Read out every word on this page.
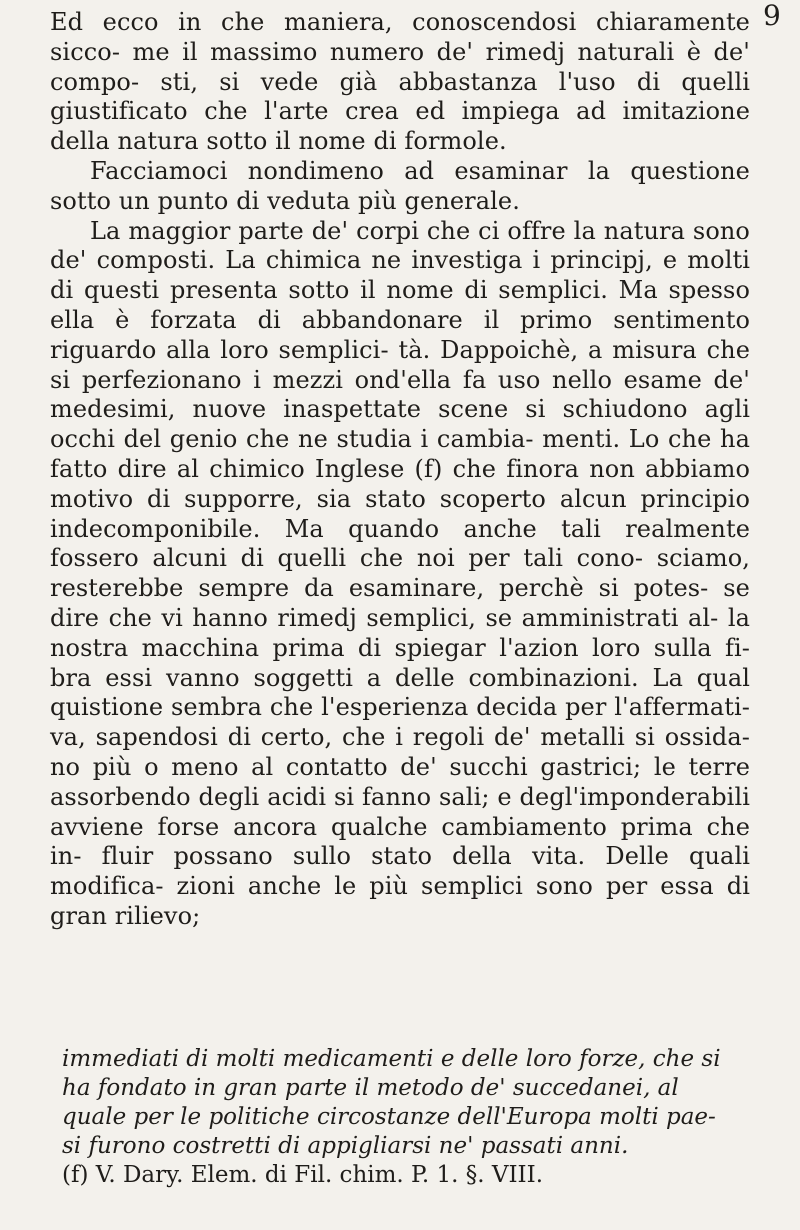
9

Ed ecco in che maniera, conoscendosi chiaramente sicco- me il massimo numero de' rimedj naturali è de' compo- sti, si vede già abbastanza l'uso di quelli giustificato che l'arte crea ed impiega ad imitazione della natura sotto il nome di formole.

Facciamoci nondimeno ad esaminar la questione sotto un punto di veduta più generale.

La maggior parte de' corpi che ci offre la natura sono de' composti. La chimica ne investiga i principj, e molti di questi presenta sotto il nome di semplici. Ma spesso ella è forzata di abbandonare il primo sentimento riguardo alla loro semplici- tà. Dappoichè, a misura che si perfezionano i mezzi ond'ella fa uso nello esame de' medesimi, nuove inaspettate scene si schiudono agli occhi del genio che ne studia i cambia- menti. Lo che ha fatto dire al chimico Inglese (f) che finora non abbiamo motivo di supporre, sia stato scoperto alcun principio indecomponibile. Ma quando anche tali realmente fossero alcuni di quelli che noi per tali cono- sciamo, resterebbe sempre da esaminare, perchè si potes- se dire che vi hanno rimedj semplici, se amministrati al- la nostra macchina prima di spiegar l'azion loro sulla fi- bra essi vanno soggetti a delle combinazioni. La qual quistione sembra che l'esperienza decida per l'affermati- va, sapendosi di certo, che i regoli de' metalli si ossida- no più o meno al contatto de' succhi gastrici; le terre assorbendo degli acidi si fanno sali; e degl'imponderabili avviene forse ancora qualche cambiamento prima che in- fluir possano sullo stato della vita. Delle quali modifica- zioni anche le più semplici sono per essa di gran rilievo;

immediati di molti medicamenti e delle loro forze, che si
ha fondato in gran parte il metodo de' succedanei, al
quale per le politiche circostanze dell'Europa molti pae-
si furono costretti di appigliarsi ne' passati anni.
(f) V. Dary. Elem. di Fil. chim. P. 1. §. VIII.
